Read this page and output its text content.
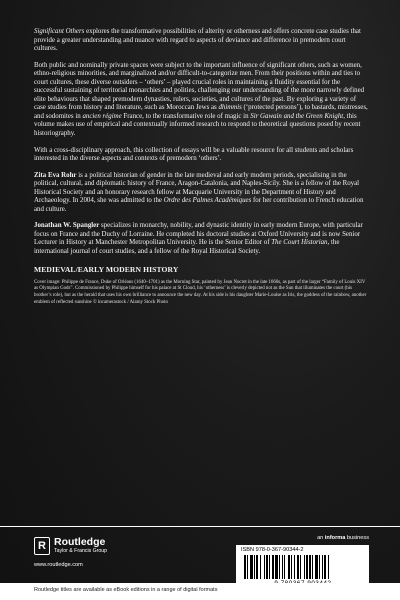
Significant Others explores the transformative possibilities of alterity or otherness and offers concrete case studies that provide a greater understanding and nuance with regard to aspects of deviance and difference in premodern court cultures.

Both public and nominally private spaces were subject to the important influence of significant others, such as women, ethno-religious minorities, and marginalized and/or difficult-to-categorize men. From their positions within and ties to court cultures, these diverse outsiders – ‘others’ – played crucial roles in maintaining a fluidity essential for the successful sustaining of territorial monarchies and polities, challenging our understanding of the more narrowly defined elite behaviours that shaped premodern dynasties, rulers, societies, and cultures of the past. By exploring a variety of case studies from history and literature, such as Moroccan Jews as dhimmis (‘protected persons’), to bastards, mistresses, and sodomites in ancien régime France, to the transformative role of magic in Sir Gawain and the Green Knight, this volume makes use of empirical and contextually informed research to respond to theoretical questions posed by recent historiography.

With a cross-disciplinary approach, this collection of essays will be a valuable resource for all students and scholars interested in the diverse aspects and contexts of premodern ‘others’.

Zita Eva Rohr is a political historian of gender in the late medieval and early modern periods, specialising in the political, cultural, and diplomatic history of France, Aragon-Catalonia, and Naples-Sicily. She is a fellow of the Royal Historical Society and an honorary research fellow at Macquarie University in the Department of History and Archaeology. In 2004, she was admitted to the Ordre des Palmes Académiques for her contribution to French education and culture.

Jonathan W. Spangler specializes in monarchy, nobility, and dynastic identity in early modern Europe, with particular focus on France and the Duchy of Lorraine. He completed his doctoral studies at Oxford University and is now Senior Lecturer in History at Manchester Metropolitan University. He is the Senior Editor of The Court Historian, the international journal of court studies, and a fellow of the Royal Historical Society.

MEDIEVAL/EARLY MODERN HISTORY
Cover image: Philippe de France, Duke of Orléans (1640–1701) as the Morning Star, painted by Jean Nocret in the late 1660s, as part of the larger “Family of Louis XIV as Olympian Gods”. Commissioned by Philippe himself for his palace at St Cloud, his ‘otherness’ is cleverly depicted not as the Sun that illuminates the court (his brother’s role), but as the herald that uses his own brilliance to announce the new day. At his side is his daughter Marie-Louise as Iris, the goddess of the rainbow, another emblem of reflected sunshine © incamerastock / Alamy Stock Photo
R Routledge
Taylor & Francis Group
www.routledge.com
an informa business
ISBN 978-0-367-90344-2
Routledge titles are available as eBook editions in a range of digital formats
